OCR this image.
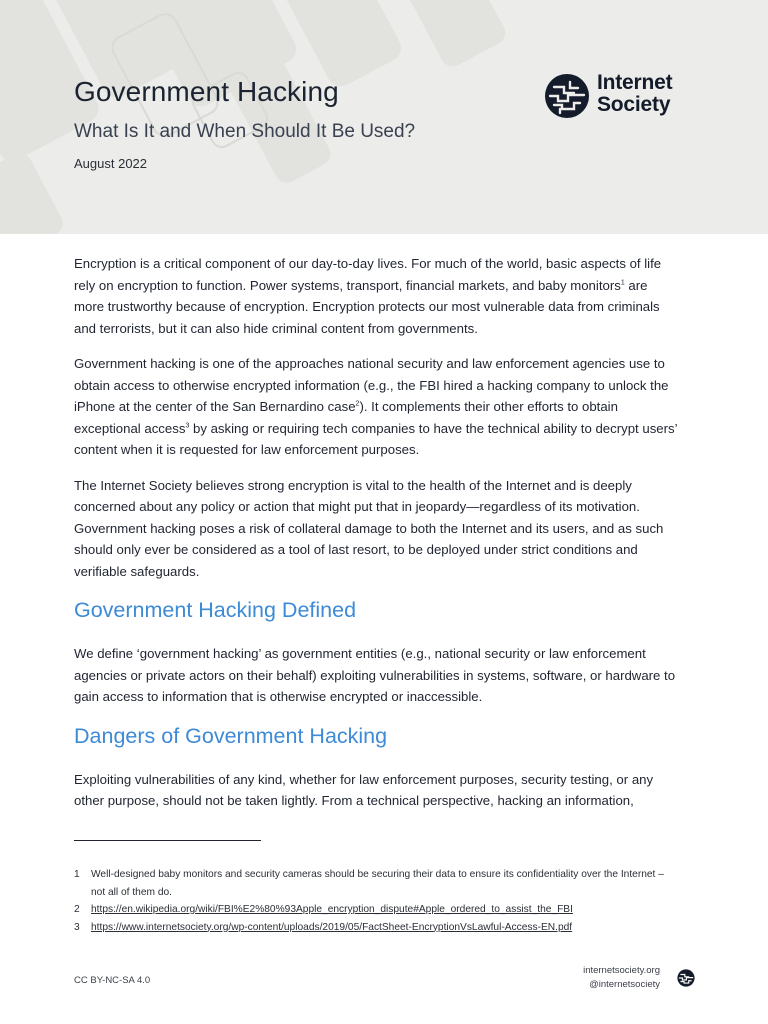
Government Hacking
What Is It and When Should It Be Used?
August 2022
Internet
Society

Encryption is a critical component of our day-to-day lives. For much of the world, basic aspects of life rely on encryption to function. Power systems, transport, financial markets, and baby monitors$^1$ are more trustworthy because of encryption. Encryption protects our most vulnerable data from criminals and terrorists, but it can also hide criminal content from governments.

Government hacking is one of the approaches national security and law enforcement agencies use to obtain access to otherwise encrypted information (e.g., the FBI hired a hacking company to unlock the iPhone at the center of the San Bernardino case$^2$). It complements their other efforts to obtain exceptional access$^3$ by asking or requiring tech companies to have the technical ability to decrypt users’ content when it is requested for law enforcement purposes.

The Internet Society believes strong encryption is vital to the health of the Internet and is deeply concerned about any policy or action that might put that in jeopardy—regardless of its motivation. Government hacking poses a risk of collateral damage to both the Internet and its users, and as such should only ever be considered as a tool of last resort, to be deployed under strict conditions and verifiable safeguards.

Government Hacking Defined

We define ‘government hacking’ as government entities (e.g., national security or law enforcement agencies or private actors on their behalf) exploiting vulnerabilities in systems, software, or hardware to gain access to information that is otherwise encrypted or inaccessible.

Dangers of Government Hacking

Exploiting vulnerabilities of any kind, whether for law enforcement purposes, security testing, or any other purpose, should not be taken lightly. From a technical perspective, hacking an information,

1 Well-designed baby monitors and security cameras should be securing their data to ensure its confidentiality over the Internet – not all of them do.
2 https://en.wikipedia.org/wiki/FBI%E2%80%93Apple_encryption_dispute#Apple_ordered_to_assist_the_FBI
3 https://www.internetsociety.org/wp-content/uploads/2019/05/FactSheet-EncryptionVsLawful-Access-EN.pdf
CC BY-NC-SA 4.0
internetsociety.org
@internetsociety
